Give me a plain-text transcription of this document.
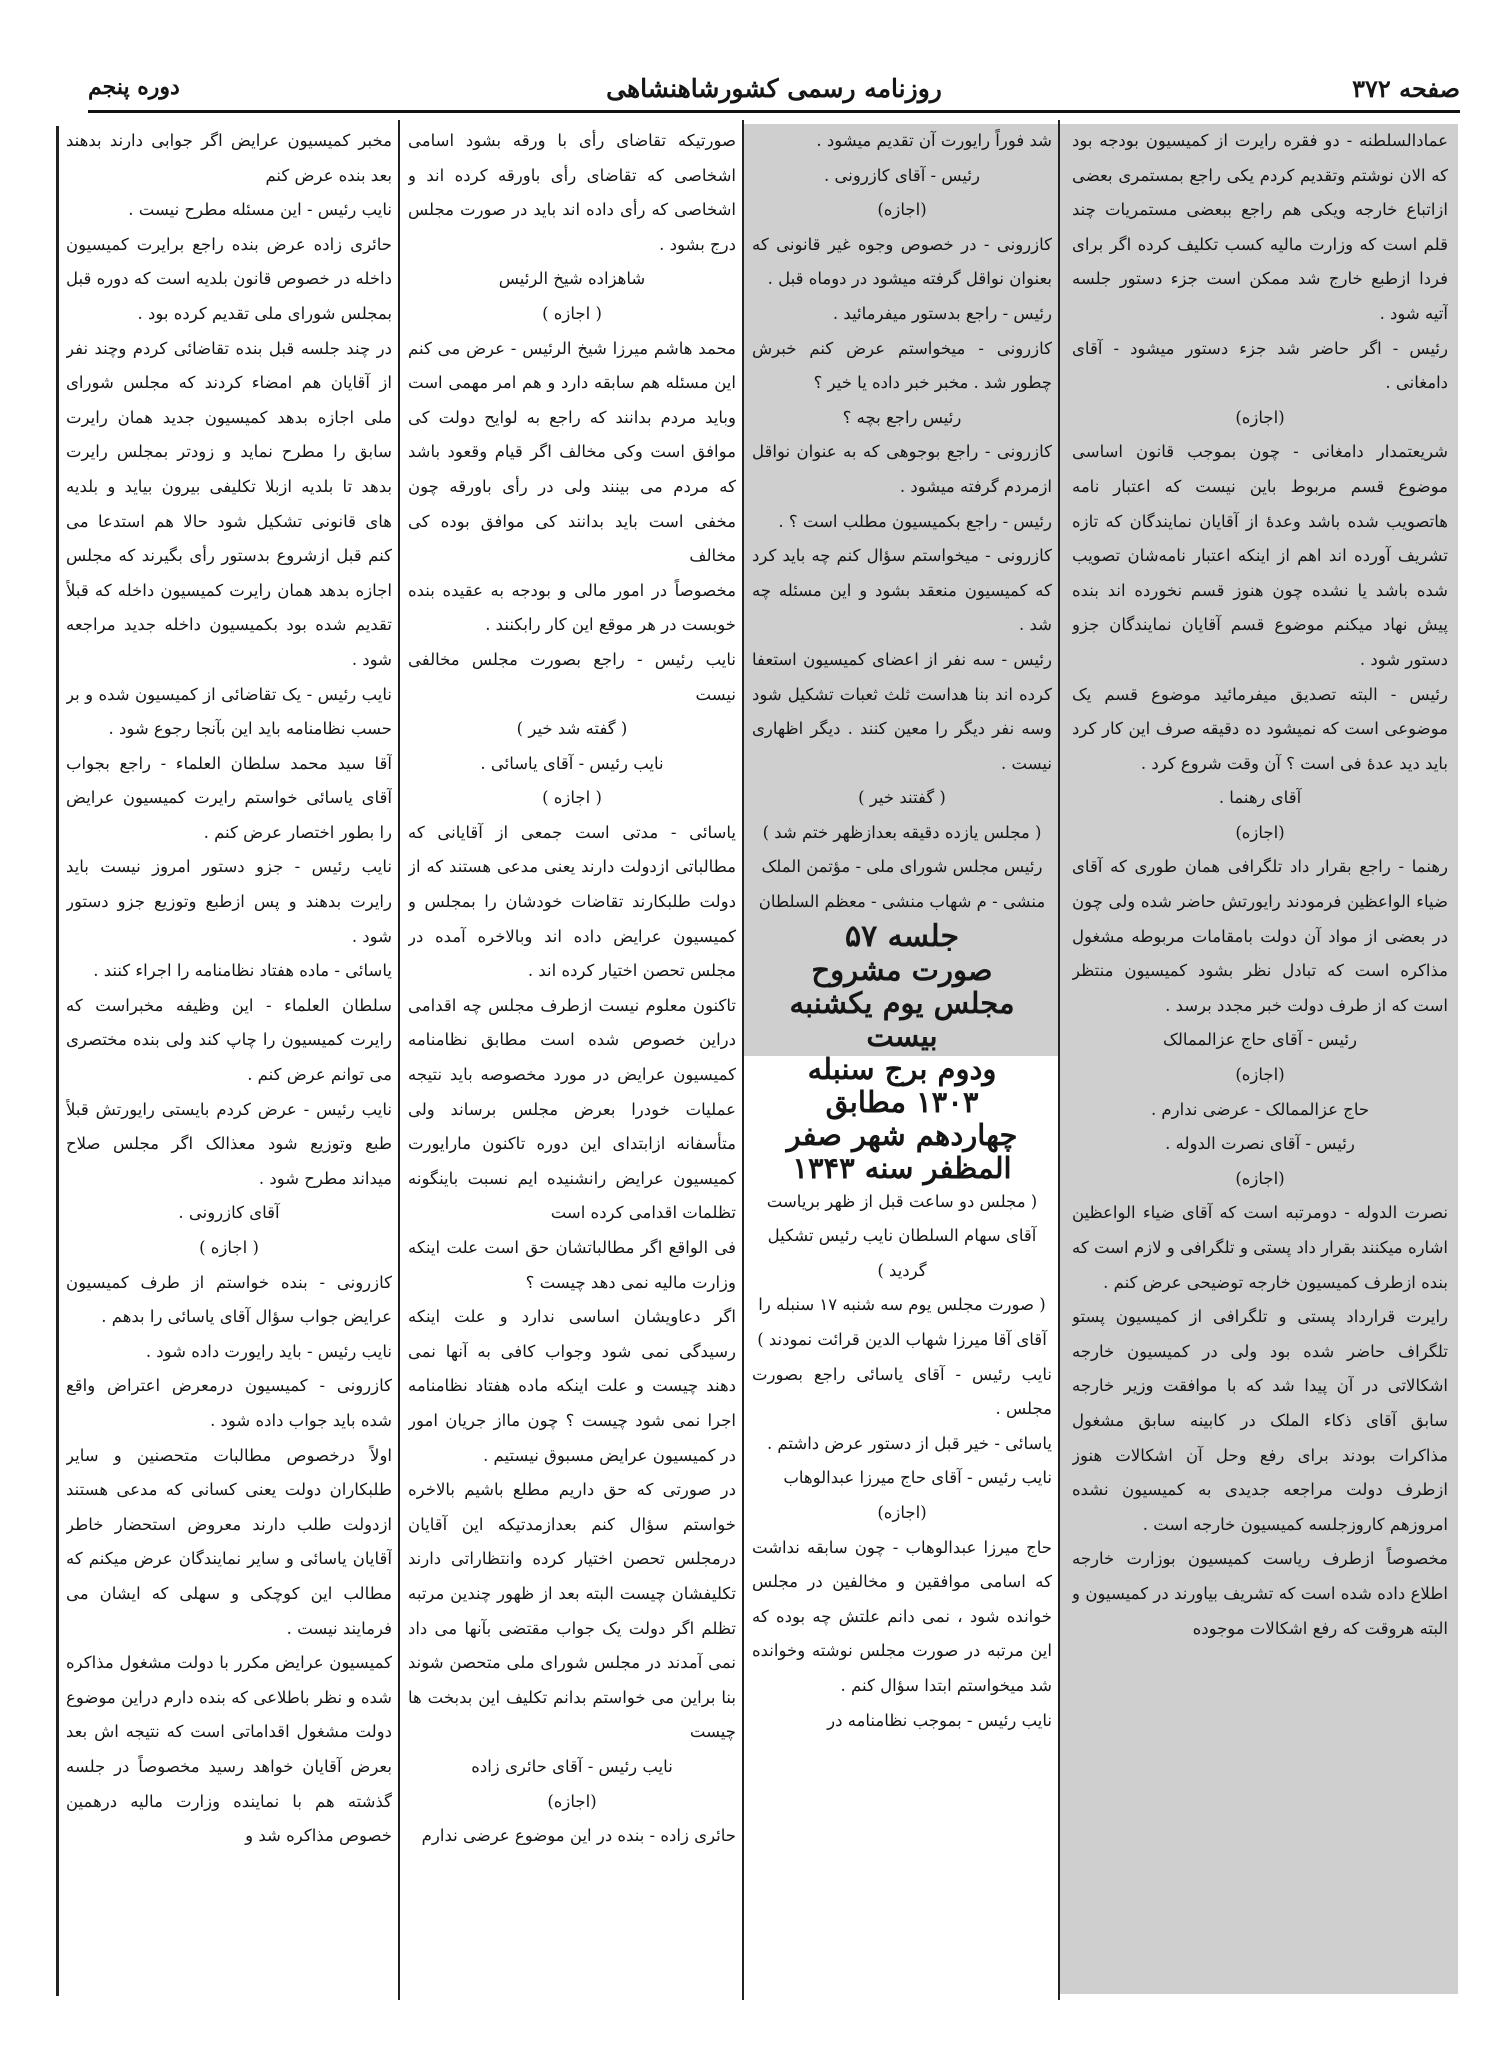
صفحه ۳۷۲
روزنامه رسمی کشورشاهنشاهی
دوره پنجم

عمادالسلطنه - دو فقره رایرت از کمیسیون بودجه بود که الان نوشتم وتقدیم کردم یکی راجع بمستمری بعضی ازاتباع خارجه ویکی هم راجع ببعضی مستمریات چند قلم است که وزارت مالیه کسب تکلیف کرده اگر برای فردا ازطبع خارج شد ممکن است جزء دستور جلسه آتیه شود .

رئیس - اگر حاضر شد جزء دستور میشود - آقای دامغانی .

(اجازه)

شریعتمدار دامغانی - چون بموجب قانون اساسی موضوع قسم مربوط باین نیست که اعتبار نامه هاتصویب شده باشد وعدهٔ از آقایان نمایندگان که تازه تشریف آورده اند اهم از اینکه اعتبار نامه‌شان تصویب شده باشد یا نشده چون هنوز قسم نخورده اند بنده پیش نهاد میکنم موضوع قسم آقایان نمایندگان جزو دستور شود .

رئیس - البته تصدیق میفرمائید موضوع قسم یک موضوعی است که نمیشود ده دقیقه صرف این کار کرد باید دید عده‌ٔ فی است ؟ آن وقت شروع کرد .

آقای رهنما .

(اجازه)

رهنما - راجع بقرار داد تلگرافی همان طوری که آقای ضیاء الواعظین فرمودند رایورتش حاضر شده ولی چون در بعضی از مواد آن دولت بامقامات مربوطه مشغول مذاکره است که تبادل نظر بشود کمیسیون منتظر است که از طرف دولت خبر مجدد برسد .

رئیس - آقای حاج عزالممالک

(اجازه)

حاج عزالممالک - عرضی ندارم .

رئیس - آقای نصرت الدوله .

(اجازه)

نصرت الدوله - دومرتبه است که آقای ضیاء الواعظین اشاره میکنند بقرار داد پستی و تلگرافی و لازم است که بنده ازطرف کمیسیون خارجه توضیحی عرض کنم .

رایرت قرارداد پستی و تلگرافی از کمیسیون پستو تلگراف حاضر شده بود ولی در کمیسیون خارجه اشکالاتی در آن پیدا شد که با موافقت وزیر خارجه سابق آقای ذکاء الملک در کابینه سابق مشغول مذاکرات بودند برای رفع وحل آن اشکالات هنوز ازطرف دولت مراجعه جدیدی به کمیسیون نشده امروزهم کاروزجلسه کمیسیون خارجه است .

مخصوصاً ازطرف ریاست کمیسیون بوزارت خارجه اطلاع داده شده است که تشریف بیاورند در کمیسیون و البته هروقت که رفع اشکالات موجوده

شد فوراً رایورت آن تقدیم میشود .

رئیس - آقای کازرونی .

(اجازه)

کازرونی - در خصوص وجوه غیر قانونی که بعنوان نواقل گرفته میشود در دوماه قبل .

رئیس - راجع بدستور میفرمائید .

کازرونی - میخواستم عرض کنم خبرش چطور شد . مخبر خبر داده یا خیر ؟

رئیس راجع بچه ؟

کازرونی - راجع بوجوهی که به عنوان نواقل ازمردم گرفته میشود .

رئیس - راجع بکمیسیون مطلب است ؟ .

کازرونی - میخواستم سؤال کنم چه باید کرد که کمیسیون منعقد بشود و این مسئله چه شد .

رئیس - سه نفر از اعضای کمیسیون استعفا کرده اند بنا هداست ثلث ثعبات تشکیل شود وسه نفر دیگر را معین کنند . دیگر اظهاری نیست .

( گفتند خیر )

( مجلس یازده دقیقه بعدازظهر ختم شد )

رئیس مجلس شورای ملی - مؤتمن الملک

منشی - م شهاب منشی - معظم السلطان

جلسه ۵۷

صورت مشروح

مجلس یوم یکشنبه بیست

ودوم برج سنبله

۱۳۰۳ مطابق

چهاردهم شهر صفر

المظفر سنه ۱۳۴۳

( مجلس دو ساعت قبل از ظهر بریاست آقای سهام السلطان نایب رئیس تشکیل گردید )

( صورت مجلس یوم سه شنبه ۱۷ سنبله را آقای آقا میرزا شهاب الدین قرائت نمودند )

نایب رئیس - آقای یاسائی راجع بصورت مجلس .

یاسائی - خیر قبل از دستور عرض داشتم .

نایب رئیس - آقای حاج میرزا عبدالوهاب

(اجازه)

حاج میرزا عبدالوهاب - چون سابقه نداشت که اسامی موافقین و مخالفین در مجلس خوانده شود ، نمی دانم علتش چه بوده که این مرتبه در صورت مجلس نوشته وخوانده شد میخواستم ابتدا سؤال کنم .

نایب رئیس - بموجب نظامنامه در

صورتیکه تقاضای رأی با ورقه بشود اسامی اشخاصی که تقاضای رأی باورقه کرده اند و اشخاصی که رأی داده اند باید در صورت مجلس درج بشود .

شاهزاده شیخ الرئیس

( اجازه )

محمد هاشم میرزا شیخ الرئیس - عرض می کنم این مسئله هم سابقه دارد و هم امر مهمی است وباید مردم بدانند که راجع به لوایح دولت کی موافق است وکی مخالف اگر قیام وقعود باشد که مردم می بینند ولی در رأی باورقه چون مخفی است باید بدانند کی موافق بوده کی مخالف

مخصوصاً در امور مالی و بودجه به عقیده بنده خوبست در هر موقع این کار رابکنند .

نایب رئیس - راجع بصورت مجلس مخالفی نیست

( گفته شد خیر )

نایب رئیس - آقای یاسائی .

( اجازه )

یاسائی - مدتی است جمعی از آقایانی که مطالباتی ازدولت دارند یعنی مدعی هستند که از دولت طلبکارند تقاضات خودشان را بمجلس و کمیسیون عرایض داده اند وبالاخره آمده در مجلس تحصن اختیار کرده اند .

تاکنون معلوم نیست ازطرف مجلس چه اقدامی دراین خصوص شده است مطابق نظامنامه کمیسیون عرایض در مورد مخصوصه باید نتیجه عملیات خودرا بعرض مجلس برساند ولی متأسفانه ازابتدای این دوره تاکنون مارایورت کمیسیون عرایض رانشنیده ایم نسبت باینگونه تظلمات اقدامی کرده است

فی الواقع اگر مطالباتشان حق است علت اینکه وزارت مالیه نمی دهد چیست ؟

اگر دعاویشان اساسی ندارد و علت اینکه رسیدگی نمی شود وجواب کافی به آنها نمی دهند چیست و علت اینکه ماده هفتاد نظامنامه اجرا نمی شود چیست ؟ چون مااز جریان امور در کمیسیون عرایض مسبوق نیستیم .

در صورتی که حق داریم مطلع باشیم بالاخره خواستم سؤال کنم بعدازمدتیکه این آقایان درمجلس تحصن اختیار کرده وانتظاراتی دارند تکلیفشان چیست البته بعد از ظهور چندین مرتبه تظلم اگر دولت یک جواب مقتضی بآنها می داد نمی آمدند در مجلس شورای ملی متحصن شوند بنا براین می خواستم بدانم تکلیف این بدبخت ها چیست

نایب رئیس - آقای حائری زاده

(اجازه)

حائری زاده - بنده در این موضوع عرضی ندارم

مخبر کمیسیون عرایض اگر جوابی دارند بدهند بعد بنده عرض کنم

نایب رئیس - این مسئله مطرح نیست .

حائری زاده عرض بنده راجع برایرت کمیسیون داخله در خصوص قانون بلدیه است که دوره قبل بمجلس شورای ملی تقدیم کرده بود .

در چند جلسه قبل بنده تقاضائی کردم وچند نفر از آقایان هم امضاء کردند که مجلس شورای ملی اجازه بدهد کمیسیون جدید همان رایرت سابق را مطرح نماید و زودتر بمجلس رایرت بدهد تا بلدیه ازبلا تکلیفی بیرون بیاید و بلدیه های قانونی تشکیل شود حالا هم استدعا می کنم قبل ازشروع بدستور رأی بگیرند که مجلس اجازه بدهد همان رایرت کمیسیون داخله که قبلاً تقدیم شده بود بکمیسیون داخله جدید مراجعه شود .

نایب رئیس - یک تقاضائی از کمیسیون شده و بر حسب نظامنامه باید این بآنجا رجوع شود .

آقا سید محمد سلطان العلماء - راجع بجواب آقای یاسائی خواستم رایرت کمیسیون عرایض را بطور اختصار عرض کنم .

نایب رئیس - جزو دستور امروز نیست باید رایرت بدهند و پس ازطبع وتوزیع جزو دستور شود .

یاسائی - ماده هفتاد نظامنامه را اجراء کنند .

سلطان العلماء - این وظیفه مخبراست که رایرت کمیسیون را چاپ کند ولی بنده مختصری می توانم عرض کنم .

نایب رئیس - عرض کردم بایستی رایورتش قبلاً طبع وتوزیع شود معذالک اگر مجلس صلاح میداند مطرح شود .

آقای کازرونی .

( اجازه )

کازرونی - بنده خواستم از طرف کمیسیون عرایض جواب سؤال آقای یاسائی را بدهم .

نایب رئیس - باید رایورت داده شود .

کازرونی - کمیسیون درمعرض اعتراض واقع شده باید جواب داده شود .

اولاً درخصوص مطالبات متحصنین و سایر طلبکاران دولت یعنی کسانی که مدعی هستند ازدولت طلب دارند معروض استحضار خاطر آقایان یاسائی و سایر نمایندگان عرض میکنم که مطالب این کوچکی و سهلی که ایشان می فرمایند نیست .

کمیسیون عرایض مکرر با دولت مشغول مذاکره شده و نظر باطلاعی که بنده دارم دراین موضوع دولت مشغول اقداماتی است که نتیجه اش بعد بعرض آقایان خواهد رسید مخصوصاً در جلسه گذشته هم با نماینده وزارت مالیه درهمین خصوص مذاکره شد و
